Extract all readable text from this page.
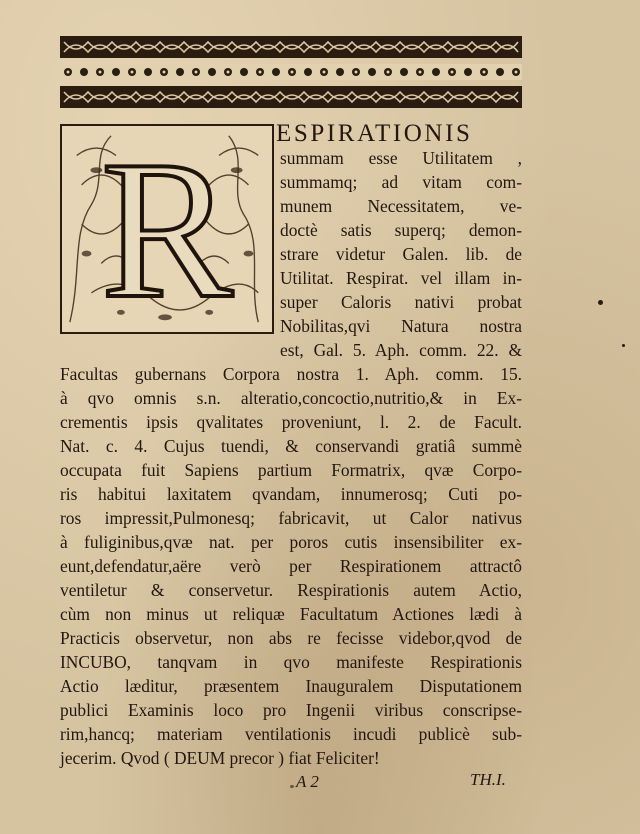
R	ESPIRATIONIS
summam esse Utilitatem ,
summamq; ad vitam com-
munem Necessitatem, ve-
doctè satis superq; demon-
strare videtur Galen. lib. de
Utilitat. Respirat. vel illam in-
super Caloris nativi probat
Nobilitas,qvi Natura nostra
est, Gal. 5. Aph. comm. 22. &
Facultas gubernans Corpora nostra 1. Aph. comm. 15.
à qvo omnis s.n. alteratio,concoctio,nutritio,& in Ex-
crementis ipsis qvalitates proveniunt, l. 2. de Facult.
Nat. c. 4. Cujus tuendi, & conservandi gratiâ summè
occupata fuit Sapiens partium Formatrix, qvæ Corpo-
ris habitui laxitatem qvandam, innumerosq; Cuti po-
ros impressit,Pulmonesq; fabricavit, ut Calor nativus
à fuliginibus,qvæ nat. per poros cutis insensibiliter ex-
eunt,defendatur,aëre verò per Respirationem attractô
ventiletur & conservetur. Respirationis autem Actio,
cùm non minus ut reliquæ Facultatum Actiones lædi à
Practicis observetur, non abs re fecisse videbor,qvod de
INCUBO, tanqvam in qvo manifeste Respirationis
Actio læditur, præsentem Inauguralem Disputationem
publici Examinis loco pro Ingenii viribus conscripse-
rim,hancq; materiam ventilationis incudi publicè sub-
jecerim. Qvod ( DEUM precor ) fiat Feliciter!
A 2	TH.I.
